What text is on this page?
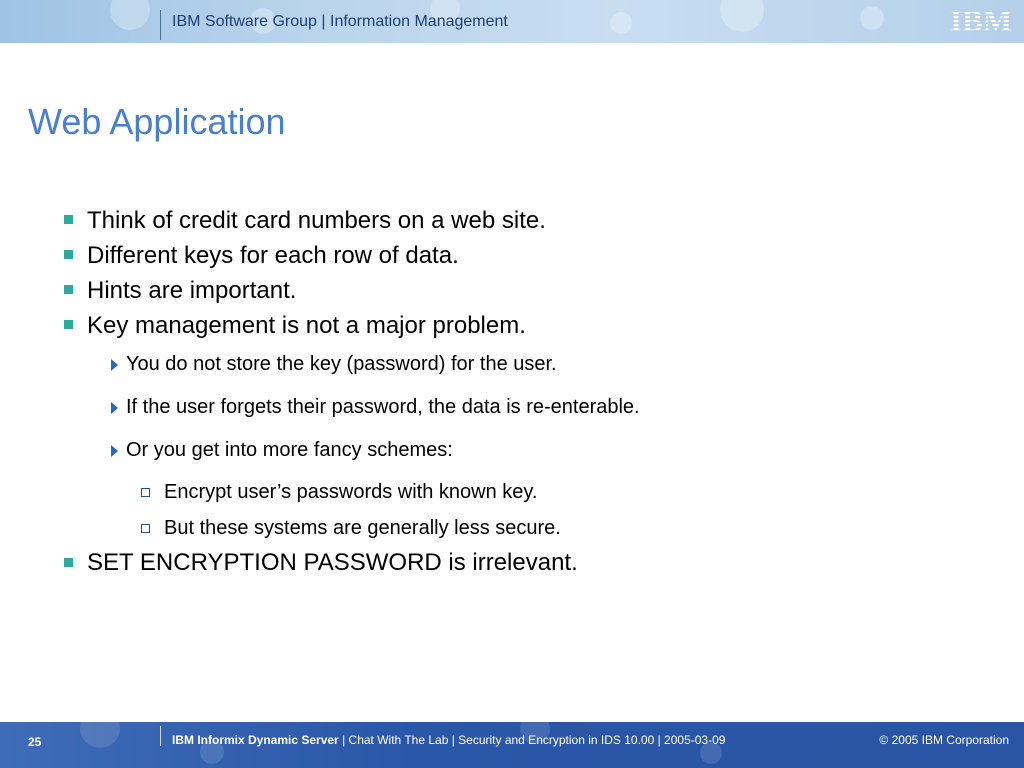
IBM Software Group | Information Management	IBM
Web Application
Think of credit card numbers on a web site.
Different keys for each row of data.
Hints are important.
Key management is not a major problem.
You do not store the key (password) for the user.
If the user forgets their password, the data is re-enterable.
Or you get into more fancy schemes:
Encrypt user’s passwords with known key.
But these systems are generally less secure.
SET ENCRYPTION PASSWORD is irrelevant.
25	IBM Informix Dynamic Server | Chat With The Lab | Security and Encryption in IDS 10.00 | 2005-03-09	© 2005 IBM Corporation
